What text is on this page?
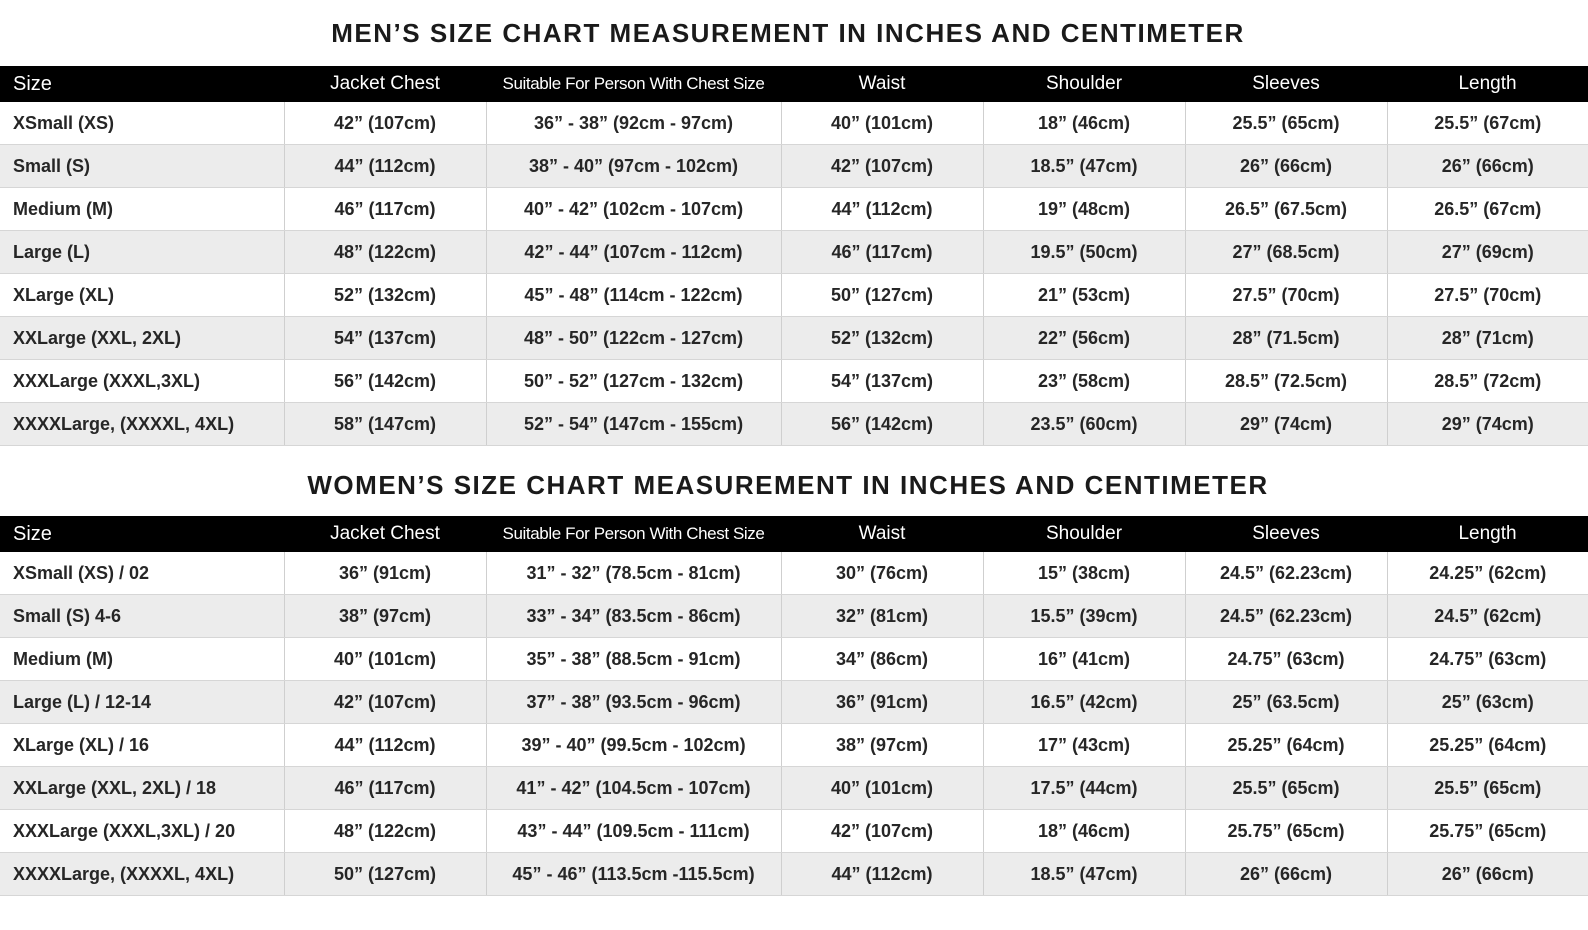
MEN’S SIZE CHART MEASUREMENT IN INCHES AND CENTIMETER
Size	Jacket Chest	Suitable For Person With Chest Size	Waist	Shoulder	Sleeves	Length
XSmall (XS)	42” (107cm)	36” - 38” (92cm - 97cm)	40” (101cm)	18” (46cm)	25.5” (65cm)	25.5” (67cm)
Small (S)	44” (112cm)	38” - 40” (97cm - 102cm)	42” (107cm)	18.5” (47cm)	26” (66cm)	26” (66cm)
Medium (M)	46” (117cm)	40” - 42” (102cm - 107cm)	44” (112cm)	19” (48cm)	26.5” (67.5cm)	26.5” (67cm)
Large (L)	48” (122cm)	42” - 44” (107cm - 112cm)	46” (117cm)	19.5” (50cm)	27” (68.5cm)	27” (69cm)
XLarge (XL)	52” (132cm)	45” - 48” (114cm - 122cm)	50” (127cm)	21” (53cm)	27.5” (70cm)	27.5” (70cm)
XXLarge (XXL, 2XL)	54” (137cm)	48” - 50” (122cm - 127cm)	52” (132cm)	22” (56cm)	28” (71.5cm)	28” (71cm)
XXXLarge (XXXL,3XL)	56” (142cm)	50” - 52” (127cm - 132cm)	54” (137cm)	23” (58cm)	28.5” (72.5cm)	28.5” (72cm)
XXXXLarge, (XXXXL, 4XL)	58” (147cm)	52” - 54” (147cm - 155cm)	56” (142cm)	23.5” (60cm)	29” (74cm)	29” (74cm)
WOMEN’S SIZE CHART MEASUREMENT IN INCHES AND CENTIMETER
Size	Jacket Chest	Suitable For Person With Chest Size	Waist	Shoulder	Sleeves	Length
XSmall (XS) / 02	36” (91cm)	31” - 32” (78.5cm - 81cm)	30” (76cm)	15” (38cm)	24.5” (62.23cm)	24.25” (62cm)
Small (S) 4-6	38” (97cm)	33” - 34” (83.5cm - 86cm)	32” (81cm)	15.5” (39cm)	24.5” (62.23cm)	24.5” (62cm)
Medium (M)	40” (101cm)	35” - 38” (88.5cm - 91cm)	34” (86cm)	16” (41cm)	24.75” (63cm)	24.75” (63cm)
Large (L) / 12-14	42” (107cm)	37” - 38” (93.5cm - 96cm)	36” (91cm)	16.5” (42cm)	25” (63.5cm)	25” (63cm)
XLarge (XL) / 16	44” (112cm)	39” - 40” (99.5cm - 102cm)	38” (97cm)	17” (43cm)	25.25” (64cm)	25.25” (64cm)
XXLarge (XXL, 2XL) / 18	46” (117cm)	41” - 42” (104.5cm - 107cm)	40” (101cm)	17.5” (44cm)	25.5” (65cm)	25.5” (65cm)
XXXLarge (XXXL,3XL) / 20	48” (122cm)	43” - 44” (109.5cm - 111cm)	42” (107cm)	18” (46cm)	25.75” (65cm)	25.75” (65cm)
XXXXLarge, (XXXXL, 4XL)	50” (127cm)	45” - 46” (113.5cm -115.5cm)	44” (112cm)	18.5” (47cm)	26” (66cm)	26” (66cm)
